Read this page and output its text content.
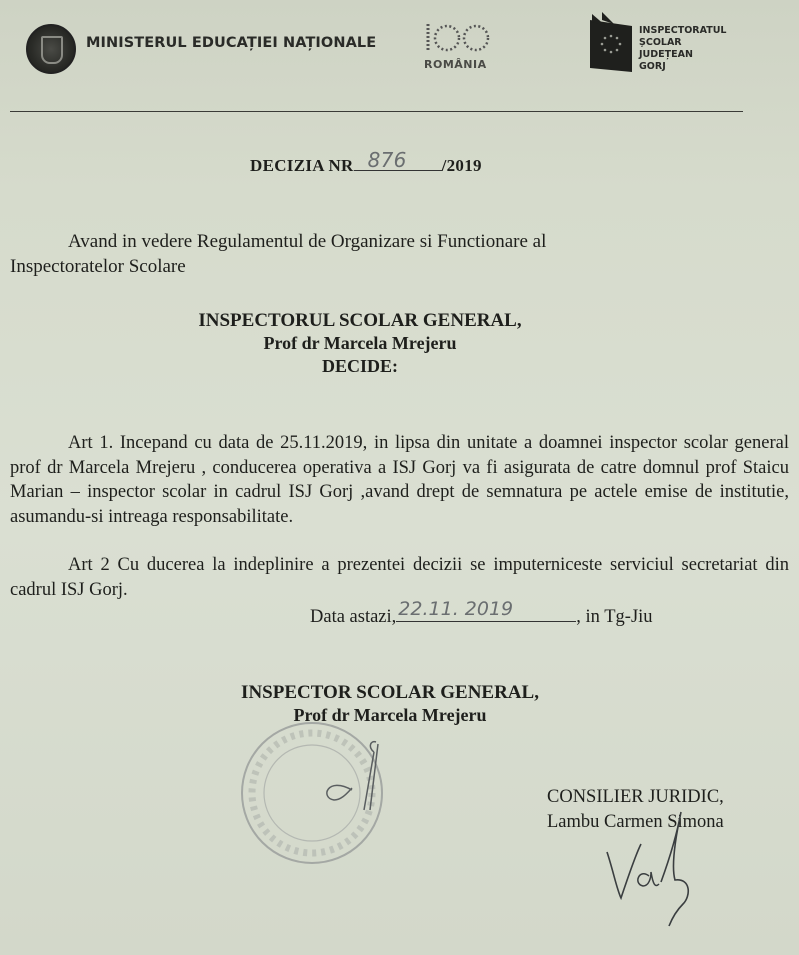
MINISTERUL EDUCAȚIEI NAȚIONALE
ROMÂNIA
INSPECTORATUL
ȘCOLAR
JUDEȚEAN
GORJ
DECIZIA NR 876 /2019
Avand in vedere Regulamentul de Organizare si Functionare al
Inspectoratelor Scolare
INSPECTORUL SCOLAR GENERAL,
Prof dr Marcela Mrejeru
DECIDE:
Art 1. Incepand cu data de 25.11.2019, in lipsa din unitate a doamnei inspector scolar general prof dr Marcela Mrejeru , conducerea operativa a ISJ Gorj va fi asigurata de catre domnul prof Staicu Marian – inspector scolar in cadrul ISJ Gorj ,avand drept de semnatura pe actele emise de institutie, asumandu-si intreaga responsabilitate.
Art 2 Cu ducerea la indeplinire a prezentei decizii se imputerniceste serviciul secretariat din cadrul ISJ Gorj.
Data astazi, 22.11. 2019	, in Tg-Jiu
INSPECTOR SCOLAR GENERAL,
Prof dr Marcela Mrejeru
CONSILIER JURIDIC,
Lambu Carmen Simona
